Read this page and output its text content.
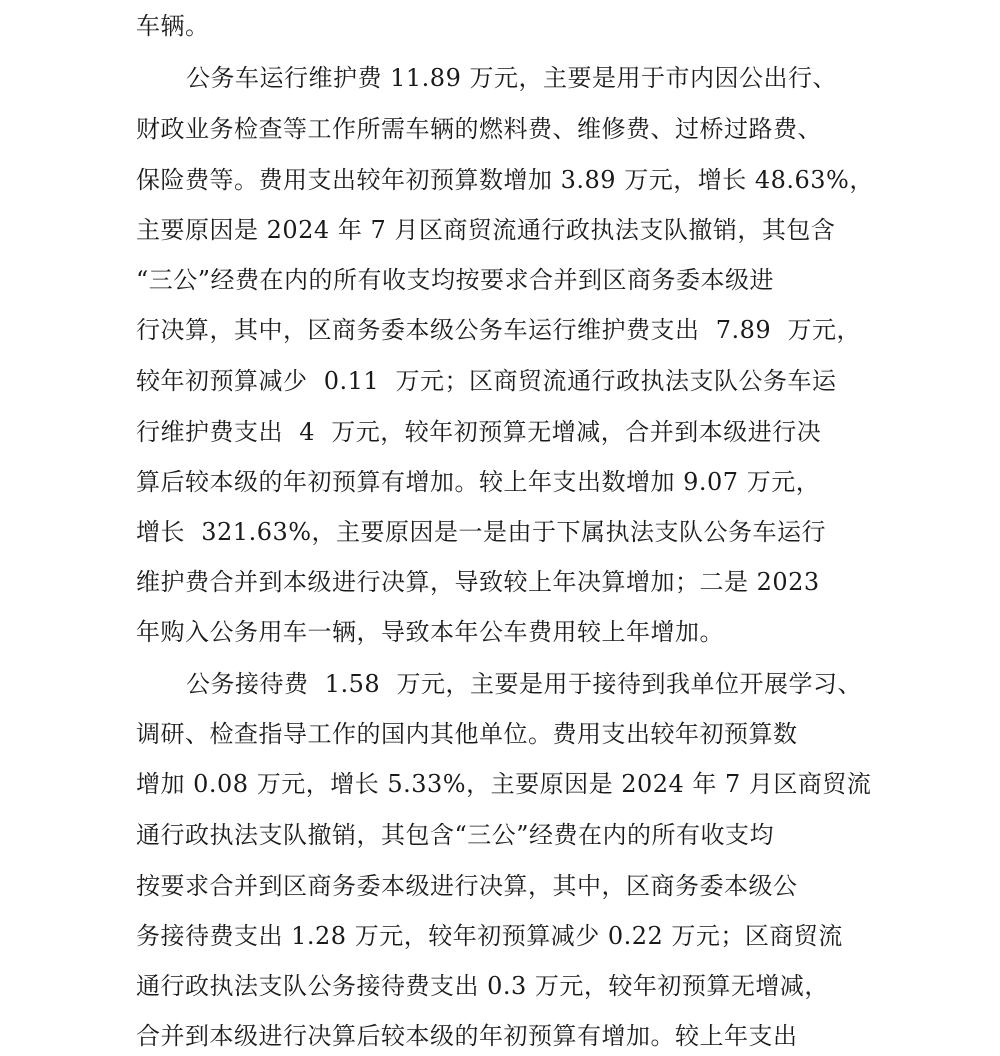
车辆。
公务车运行维护费 11.89 万元，主要是用于市内因公出行、
财政业务检查等工作所需车辆的燃料费、维修费、过桥过路费、
保险费等。费用支出较年初预算数增加 3.89 万元，增长 48.63%，
主要原因是 2024 年 7 月区商贸流通行政执法支队撤销，其包含
“三公”经费在内的所有收支均按要求合并到区商务委本级进
行决算，其中，区商务委本级公务车运行维护费支出  7.89  万元，
较年初预算减少  0.11  万元；区商贸流通行政执法支队公务车运
行维护费支出  4  万元，较年初预算无增减，合并到本级进行决
算后较本级的年初预算有增加。较上年支出数增加 9.07 万元，
增长  321.63%，主要原因是一是由于下属执法支队公务车运行
维护费合并到本级进行决算，导致较上年决算增加；二是 2023
年购入公务用车一辆，导致本年公车费用较上年增加。
公务接待费  1.58  万元，主要是用于接待到我单位开展学习、
调研、检查指导工作的国内其他单位。费用支出较年初预算数
增加 0.08 万元，增长 5.33%，主要原因是 2024 年 7 月区商贸流
通行政执法支队撤销，其包含“三公”经费在内的所有收支均
按要求合并到区商务委本级进行决算，其中，区商务委本级公
务接待费支出 1.28 万元，较年初预算减少 0.22 万元；区商贸流
通行政执法支队公务接待费支出 0.3 万元，较年初预算无增减，
合并到本级进行决算后较本级的年初预算有增加。较上年支出
